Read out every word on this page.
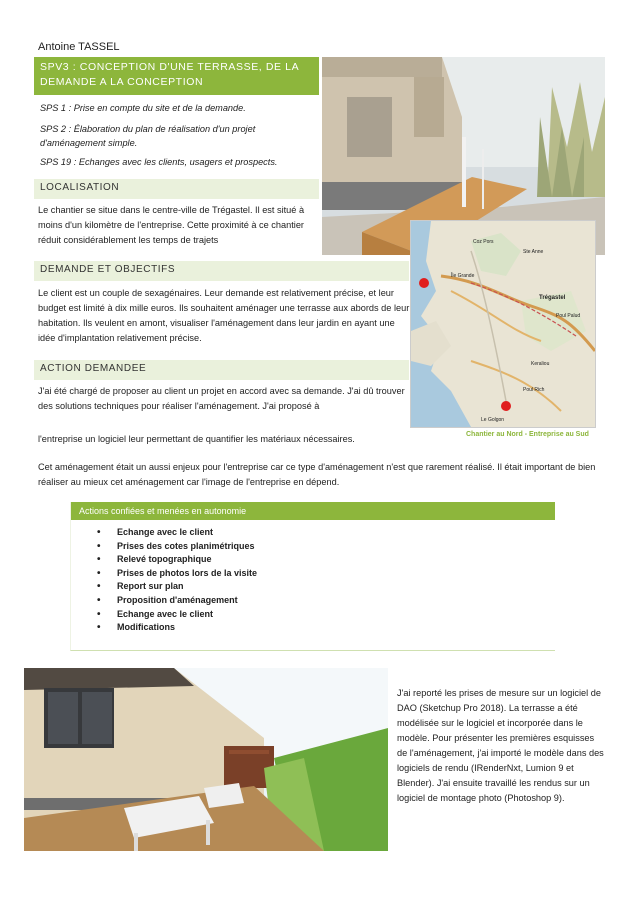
Antoine TASSEL
SPV3 : CONCEPTION D'UNE TERRASSE, DE LA DEMANDE A LA CONCEPTION
SPS 1 : Prise en compte du site et de la demande.
SPS 2 : Élaboration du plan de réalisation d'un projet d'aménagement simple.
SPS 19 : Echanges avec les clients, usagers et prospects.
LOCALISATION
Le chantier se situe dans le centre-ville de Trégastel. Il est situé à moins d'un kilomètre de l'entreprise. Cette proximité à ce chantier réduit considérablement les temps de trajets
DEMANDE ET OBJECTIFS
Le client est un couple de sexagénaires. Leur demande est relativement précise, et leur budget est limité à dix mille euros. Ils souhaitent aménager une terrasse aux abords de leur habitation. Ils veulent en amont, visualiser l'aménagement dans leur jardin en ayant une idée d'implantation relativement précise.
Coz Pors
Ste Anne
Trégastel
Poul Palud
Le Golgon
Poul Rich
Keraliou
Île Grande
ACTION DEMANDEE
J'ai été chargé de proposer au client un projet en accord avec sa demande. J'ai dû trouver des solutions techniques pour réaliser l'aménagement. J'ai proposé à
l'entreprise un logiciel leur permettant de quantifier les matériaux nécessaires.	Chantier au Nord - Entreprise au Sud
Cet aménagement était un aussi enjeux pour l'entreprise car ce type d'aménagement n'est que rarement réalisé. Il était important de bien réaliser au mieux cet aménagement car l'image de l'entreprise en dépend.
Actions confiées et menées en autonomie
• Echange avec le client
• Prises des cotes planimétriques
• Relevé topographique
• Prises de photos lors de la visite
• Report sur plan
• Proposition d'aménagement
• Echange avec le client
• Modifications
J'ai reporté les prises de mesure sur un logiciel de DAO (Sketchup Pro 2018). La terrasse a été modélisée sur le logiciel et incorporée dans le modèle. Pour présenter les premières esquisses de l'aménagement, j'ai importé le modèle dans des logiciels de rendu (IRenderNxt, Lumion 9 et Blender). J'ai ensuite travaillé les rendus sur un logiciel de montage photo (Photoshop 9).
